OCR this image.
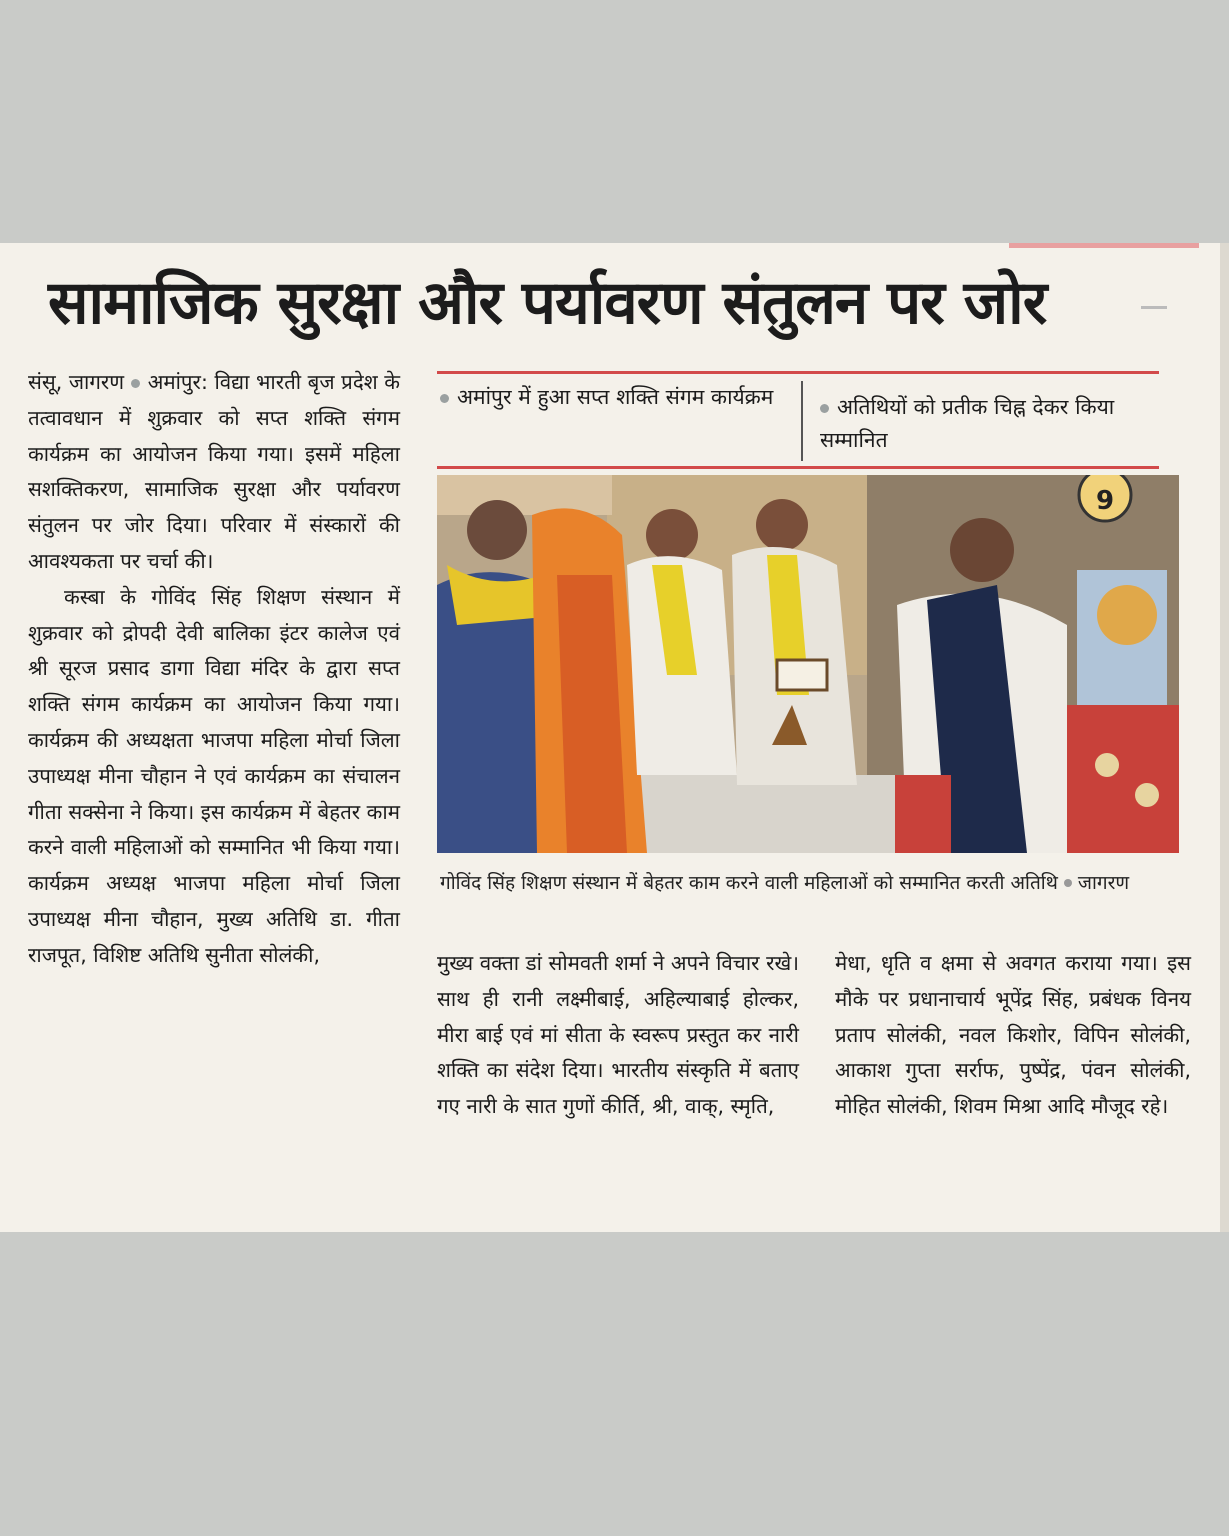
सामाजिक सुरक्षा और पर्यावरण संतुलन पर जोर

संसू, जागरण अमांपुर: विद्या भारती बृज प्रदेश के तत्वावधान में शुक्रवार को सप्त शक्ति संगम कार्यक्रम का आयोजन किया गया। इसमें महिला सशक्तिकरण, सामाजिक सुरक्षा और पर्यावरण संतुलन पर जोर दिया। परिवार में संस्कारों की आवश्यकता पर चर्चा की।

कस्बा के गोविंद सिंह शिक्षण संस्थान में शुक्रवार को द्रोपदी देवी बालिका इंटर कालेज एवं श्री सूरज प्रसाद डागा विद्या मंदिर के द्वारा सप्त शक्ति संगम कार्यक्रम का आयोजन किया गया। कार्यक्रम की अध्यक्षता भाजपा महिला मोर्चा जिला उपाध्यक्ष मीना चौहान ने एवं कार्यक्रम का संचालन गीता सक्सेना ने किया। इस कार्यक्रम में बेहतर काम करने वाली महिलाओं को सम्मानित भी किया गया। कार्यक्रम अध्यक्ष भाजपा महिला मोर्चा जिला उपाध्यक्ष मीना चौहान, मुख्य अतिथि डा. गीता राजपूत, विशिष्ट अतिथि सुनीता सोलंकी,

अमांपुर में हुआ सप्त शक्ति संगम कार्यक्रम	अतिथियों को प्रतीक चिह्न देकर किया सम्मानित
9
गोविंद सिंह शिक्षण संस्थान में बेहतर काम करने वाली महिलाओं को सम्मानित करती अतिथि जागरण

मुख्य वक्ता डां सोमवती शर्मा ने अपने विचार रखे। साथ ही रानी लक्ष्मीबाई, अहिल्याबाई होल्कर, मीरा बाई एवं मां सीता के स्वरूप प्रस्तुत कर नारी शक्ति का संदेश दिया। भारतीय संस्कृति में बताए गए नारी के सात गुणों कीर्ति, श्री, वाक्, स्मृति,

मेधा, धृति व क्षमा से अवगत कराया गया। इस मौके पर प्रधानाचार्य भूपेंद्र सिंह, प्रबंधक विनय प्रताप सोलंकी, नवल किशोर, विपिन सोलंकी, आकाश गुप्ता सर्राफ, पुष्पेंद्र, पंवन सोलंकी, मोहित सोलंकी, शिवम मिश्रा आदि मौजूद रहे।
